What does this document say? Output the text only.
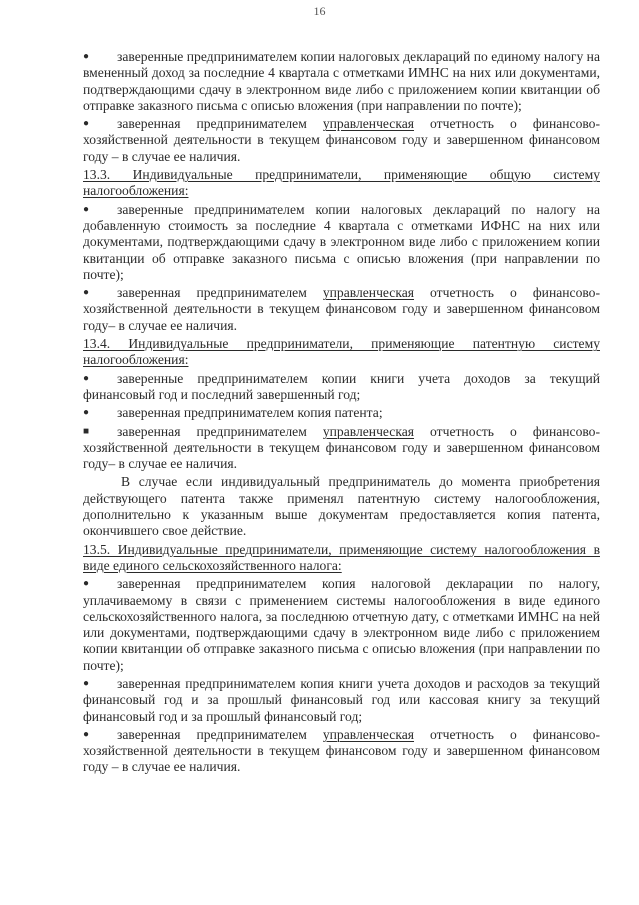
16

● заверенные предпринимателем копии налоговых деклараций по единому налогу на вмененный доход за последние 4 квартала с отметками ИМНС на них или документами, подтверждающими сдачу в электронном виде либо с приложением копии квитанции об отправке заказного письма с описью вложения (при направлении по почте);

● заверенная предпринимателем управленческая отчетность о финансово-хозяйственной деятельности в текущем финансовом году и завершенном финансовом году – в случае ее наличия.

13.3. Индивидуальные предприниматели, применяющие общую систему налогообложения:

● заверенные предпринимателем копии налоговых деклараций по налогу на добавленную стоимость за последние 4 квартала с отметками ИФНС на них или документами, подтверждающими сдачу в электронном виде либо с приложением копии квитанции об отправке заказного письма с описью вложения (при направлении по почте);

● заверенная предпринимателем управленческая отчетность о финансово-хозяйственной деятельности в текущем финансовом году и завершенном финансовом году– в случае ее наличия.

13.4. Индивидуальные предприниматели, применяющие патентную систему налогообложения:

● заверенные предпринимателем копии книги учета доходов за текущий финансовый год и последний завершенный год;

● заверенная предпринимателем копия патента;

■ заверенная предпринимателем управленческая отчетность о финансово-хозяйственной деятельности в текущем финансовом году и завершенном финансовом году– в случае ее наличия.

В случае если индивидуальный предприниматель до момента приобретения действующего патента также применял патентную систему налогообложения, дополнительно к указанным выше документам предоставляется копия патента, окончившего свое действие.

13.5. Индивидуальные предприниматели, применяющие систему налогообложения в виде единого сельскохозяйственного налога:

● заверенная предпринимателем копия налоговой декларации по налогу, уплачиваемому в связи с применением системы налогообложения в виде единого сельскохозяйственного налога, за последнюю отчетную дату, с отметками ИМНС на ней или документами, подтверждающими сдачу в электронном виде либо с приложением копии квитанции об отправке заказного письма с описью вложения (при направлении по почте);

● заверенная предпринимателем копия книги учета доходов и расходов за текущий финансовый год и за прошлый финансовый год или кассовая книгу за текущий финансовый год и за прошлый финансовый год;

● заверенная предпринимателем управленческая отчетность о финансово-хозяйственной деятельности в текущем финансовом году и завершенном финансовом году – в случае ее наличия.
